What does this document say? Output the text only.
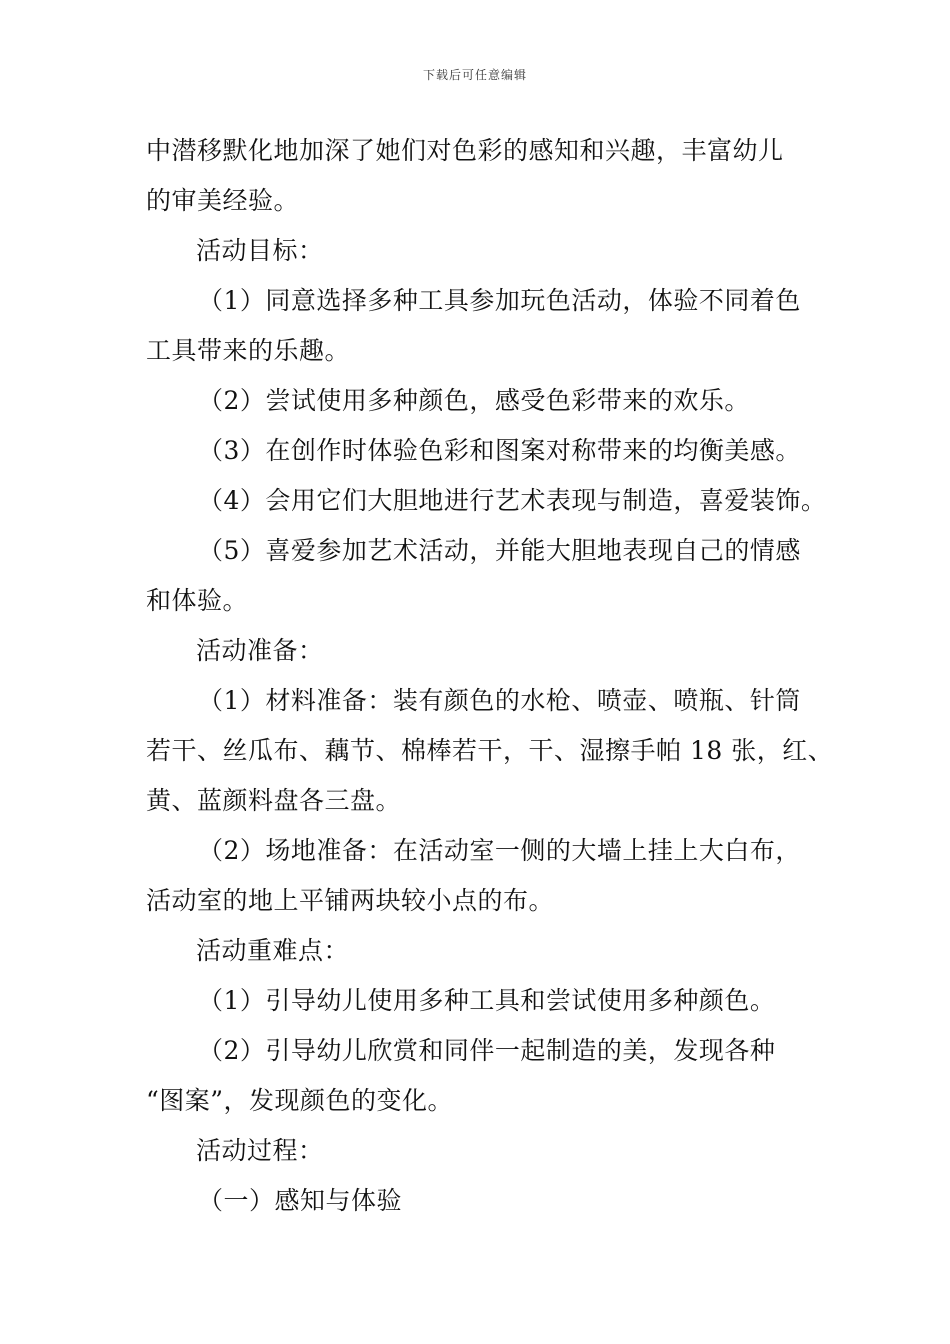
下载后可任意编辑
中潜移默化地加深了她们对色彩的感知和兴趣，丰富幼儿
的审美经验。
活动目标：
（1）同意选择多种工具参加玩色活动，体验不同着色
工具带来的乐趣。
（2）尝试使用多种颜色，感受色彩带来的欢乐。
（3）在创作时体验色彩和图案对称带来的均衡美感。
（4）会用它们大胆地进行艺术表现与制造，喜爱装饰。
（5）喜爱参加艺术活动，并能大胆地表现自己的情感
和体验。
活动准备：
（1）材料准备：装有颜色的水枪、喷壶、喷瓶、针筒
若干、丝瓜布、藕节、棉棒若干，干、湿擦手帕 18 张，红、
黄、蓝颜料盘各三盘。
（2）场地准备：在活动室一侧的大墙上挂上大白布，
活动室的地上平铺两块较小点的布。
活动重难点：
（1）引导幼儿使用多种工具和尝试使用多种颜色。
（2）引导幼儿欣赏和同伴一起制造的美，发现各种
“图案”，发现颜色的变化。
活动过程：
（一）感知与体验
